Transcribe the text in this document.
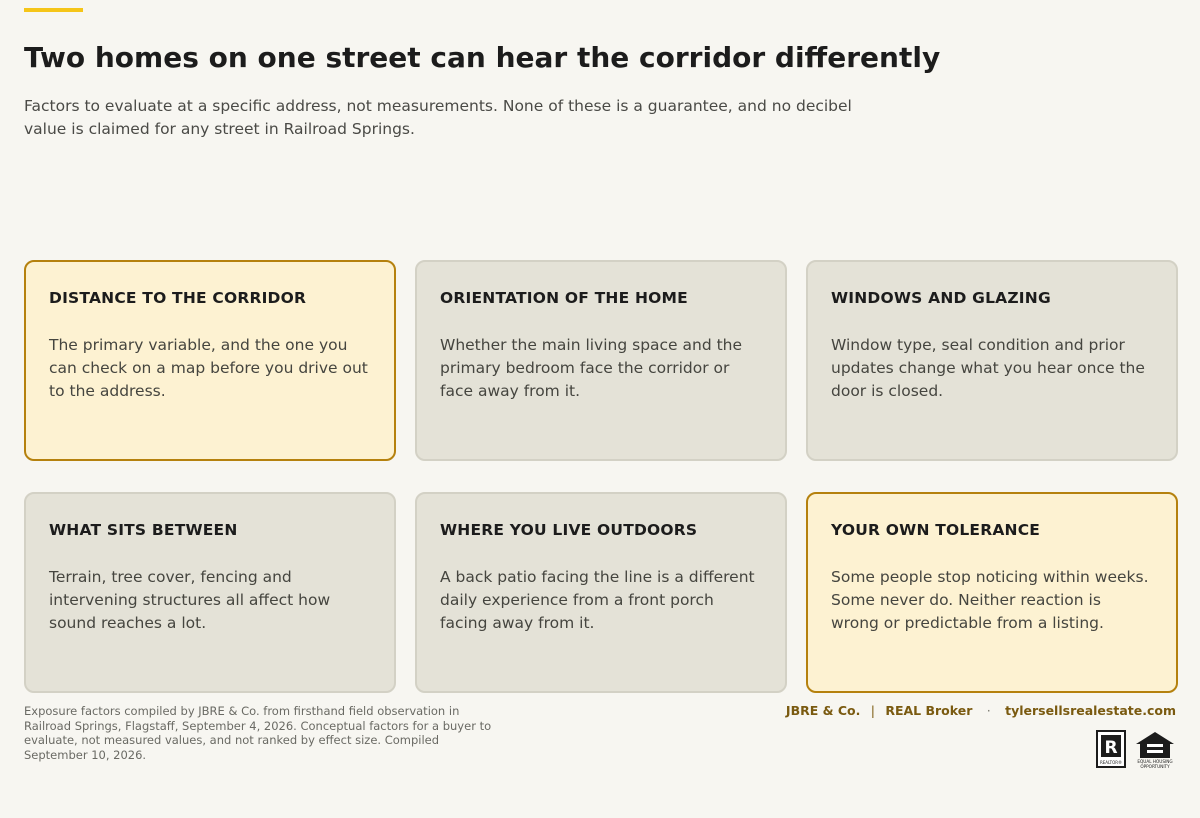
Two homes on one street can hear the corridor differently

Factors to evaluate at a specific address, not measurements. None of these is a guarantee, and no decibel value is claimed for any street in Railroad Springs.

DISTANCE TO THE CORRIDOR

The primary variable, and the one you can check on a map before you drive out to the address.

ORIENTATION OF THE HOME

Whether the main living space and the primary bedroom face the corridor or face away from it.

WINDOWS AND GLAZING

Window type, seal condition and prior updates change what you hear once the door is closed.

WHAT SITS BETWEEN

Terrain, tree cover, fencing and intervening structures all affect how sound reaches a lot.

WHERE YOU LIVE OUTDOORS

A back patio facing the line is a different daily experience from a front porch facing away from it.

YOUR OWN TOLERANCE

Some people stop noticing within weeks. Some never do. Neither reaction is wrong or predictable from a listing.

Exposure factors compiled by JBRE & Co. from firsthand field observation in Railroad Springs, Flagstaff, September 4, 2026. Conceptual factors for a buyer to evaluate, not measured values, and not ranked by effect size. Compiled September 10, 2026.

JBRE & Co. | REAL Broker · tylersellsrealestate.com
R
REALTOR®	EQUAL HOUSING
OPPORTUNITY
